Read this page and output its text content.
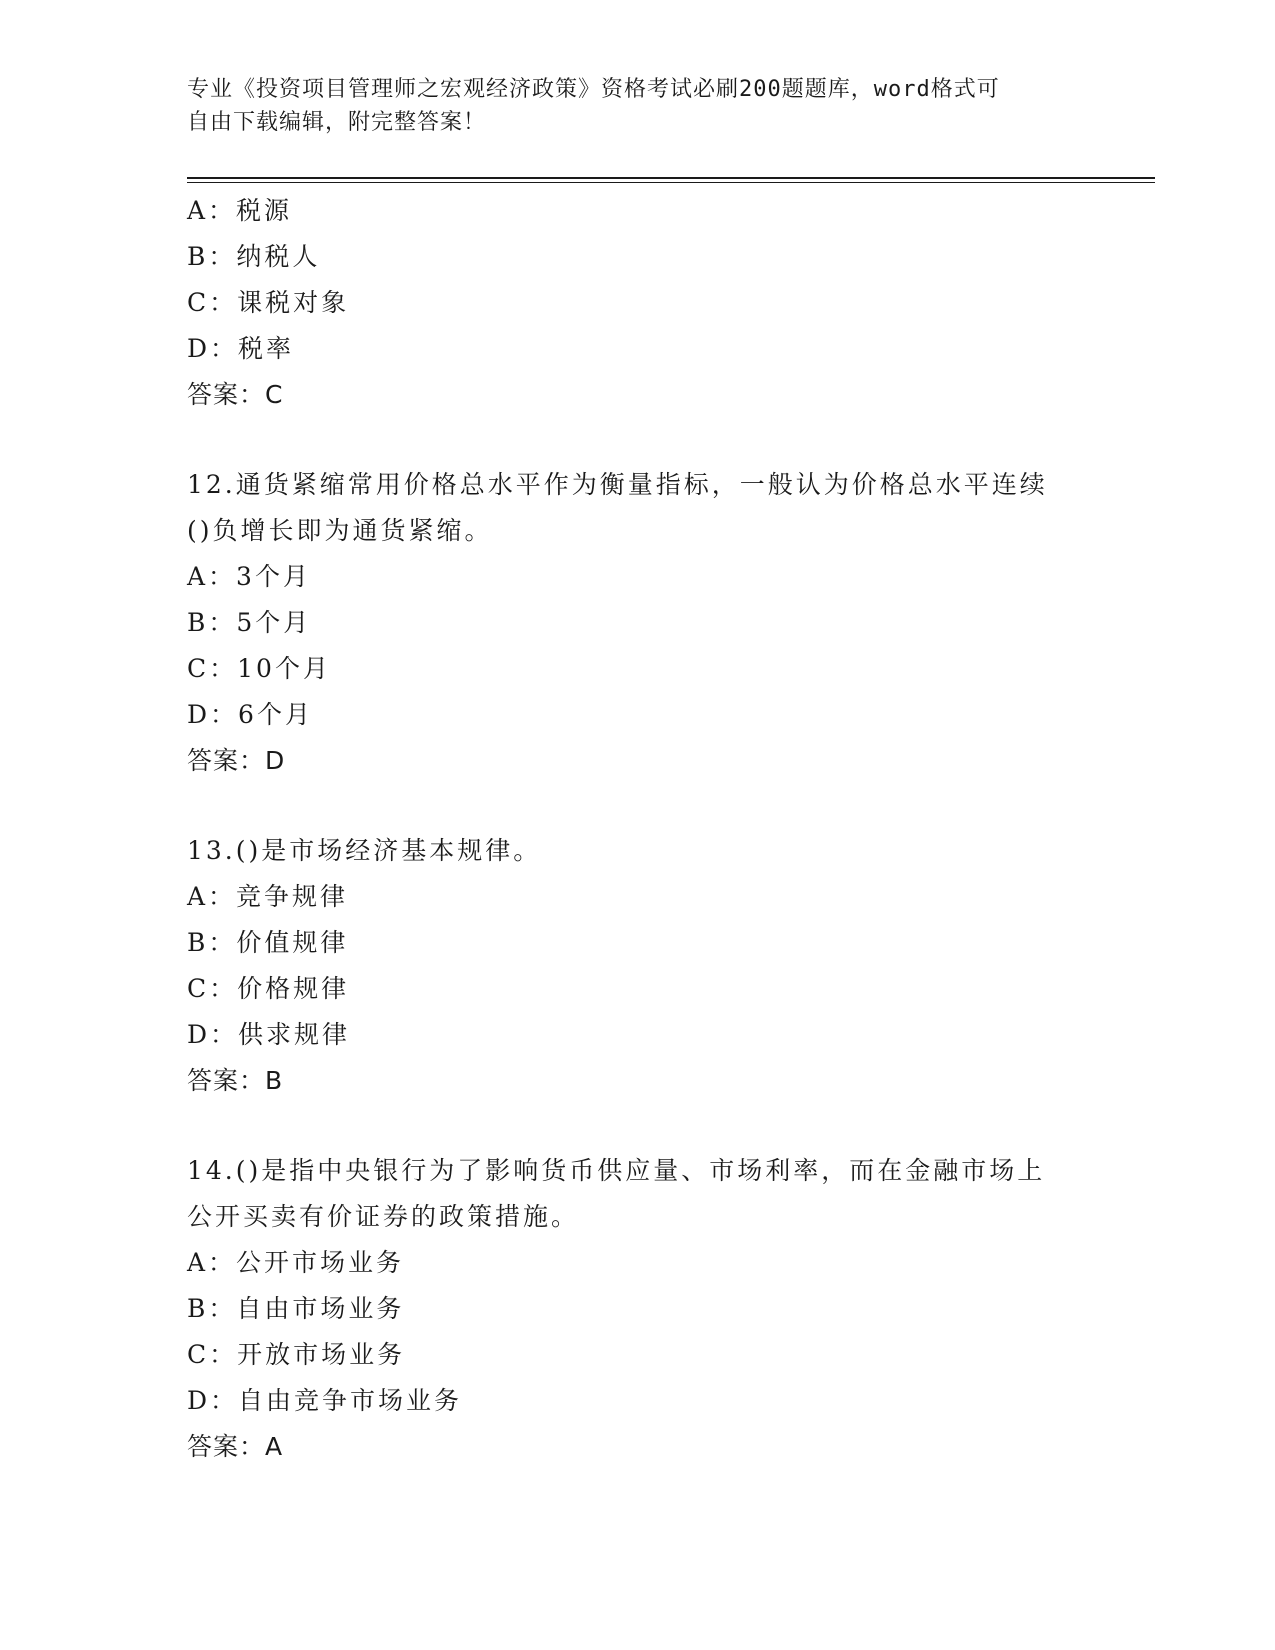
专业《投资项目管理师之宏观经济政策》资格考试必刷200题题库，word格式可
自由下载编辑，附完整答案！
A：税源
B：纳税人
C：课税对象
D：税率
答案：C
12.通货紧缩常用价格总水平作为衡量指标，一般认为价格总水平连续
()负增长即为通货紧缩。
A：3个月
B：5个月
C：10个月
D：6个月
答案：D
13.()是市场经济基本规律。
A：竞争规律
B：价值规律
C：价格规律
D：供求规律
答案：B
14.()是指中央银行为了影响货币供应量、市场利率，而在金融市场上
公开买卖有价证券的政策措施。
A：公开市场业务
B：自由市场业务
C：开放市场业务
D：自由竞争市场业务
答案：A
